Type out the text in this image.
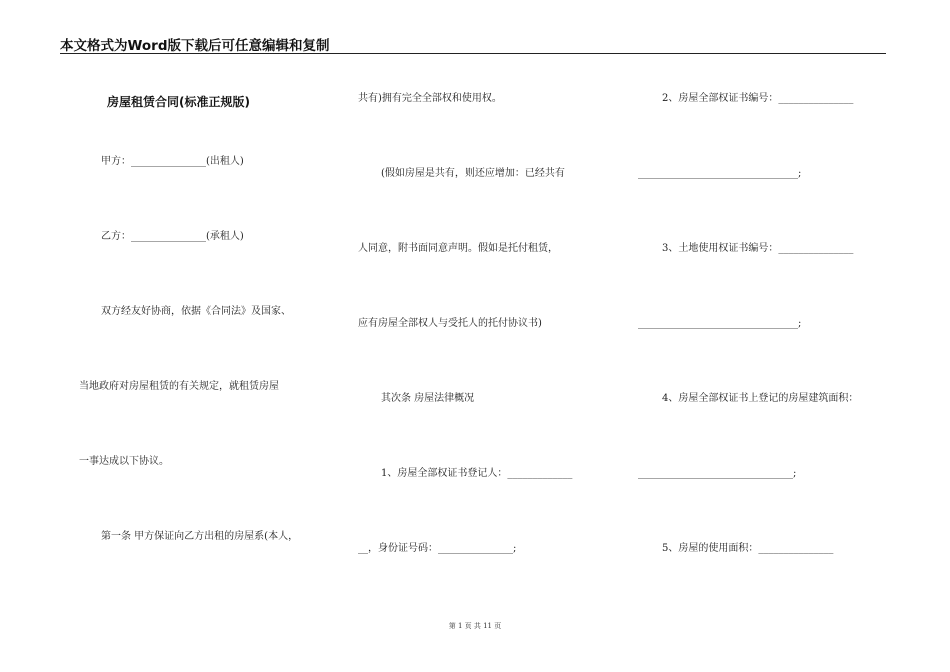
本文格式为Word版下载后可任意编辑和复制
房屋租赁合同(标准正规版)
甲方：_______________(出租人)
乙方：_______________(承租人)
双方经友好协商，依据《合同法》及国家、
当地政府对房屋租赁的有关规定，就租赁房屋
一事达成以下协议。
第一条 甲方保证向乙方出租的房屋系(本人，
共有)拥有完全全部权和使用权。
(假如房屋是共有，则还应增加：已经共有
人同意，附书面同意声明。假如是托付租赁，
应有房屋全部权人与受托人的托付协议书)
其次条 房屋法律概况
1、房屋全部权证书登记人：_____________
__，身份证号码：_______________;
2、房屋全部权证书编号：_______________
________________________________;
3、土地使用权证书编号：_______________
________________________________;
4、房屋全部权证书上登记的房屋建筑面积：
_______________________________;
5、房屋的使用面积：_______________
第 1 页 共 11 页
